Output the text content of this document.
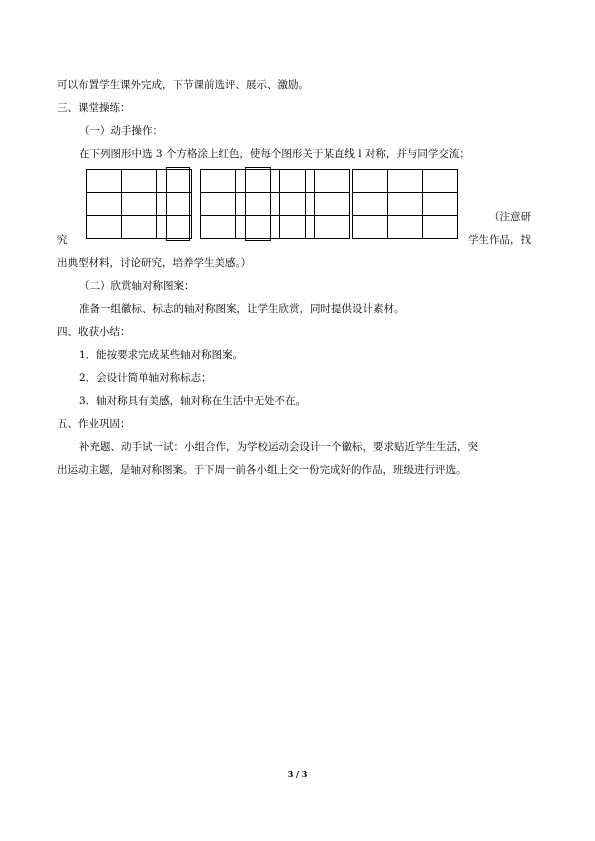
可以布置学生课外完成，下节课前选评、展示、激励。
三、课堂操练：
（一）动手操作：
在下列图形中选 3 个方格涂上红色，使每个图形关于某直线 l 对称，并与同学交流；

（注意研
究	学生作品，找
出典型材料，讨论研究，培养学生美感。）
（二）欣赏轴对称图案：
准备一组徽标、标志的轴对称图案，让学生欣赏，同时提供设计素材。
四、收获小结：
1．能按要求完成某些轴对称图案。
2．会设计简单轴对称标志；
3．轴对称具有美感，轴对称在生活中无处不在。
五、作业巩固：
补充题、动手试一试：小组合作，为学校运动会设计一个徽标，要求贴近学生生活，突
出运动主题，是轴对称图案。于下周一前各小组上交一份完成好的作品，班级进行评选。
3 / 3
